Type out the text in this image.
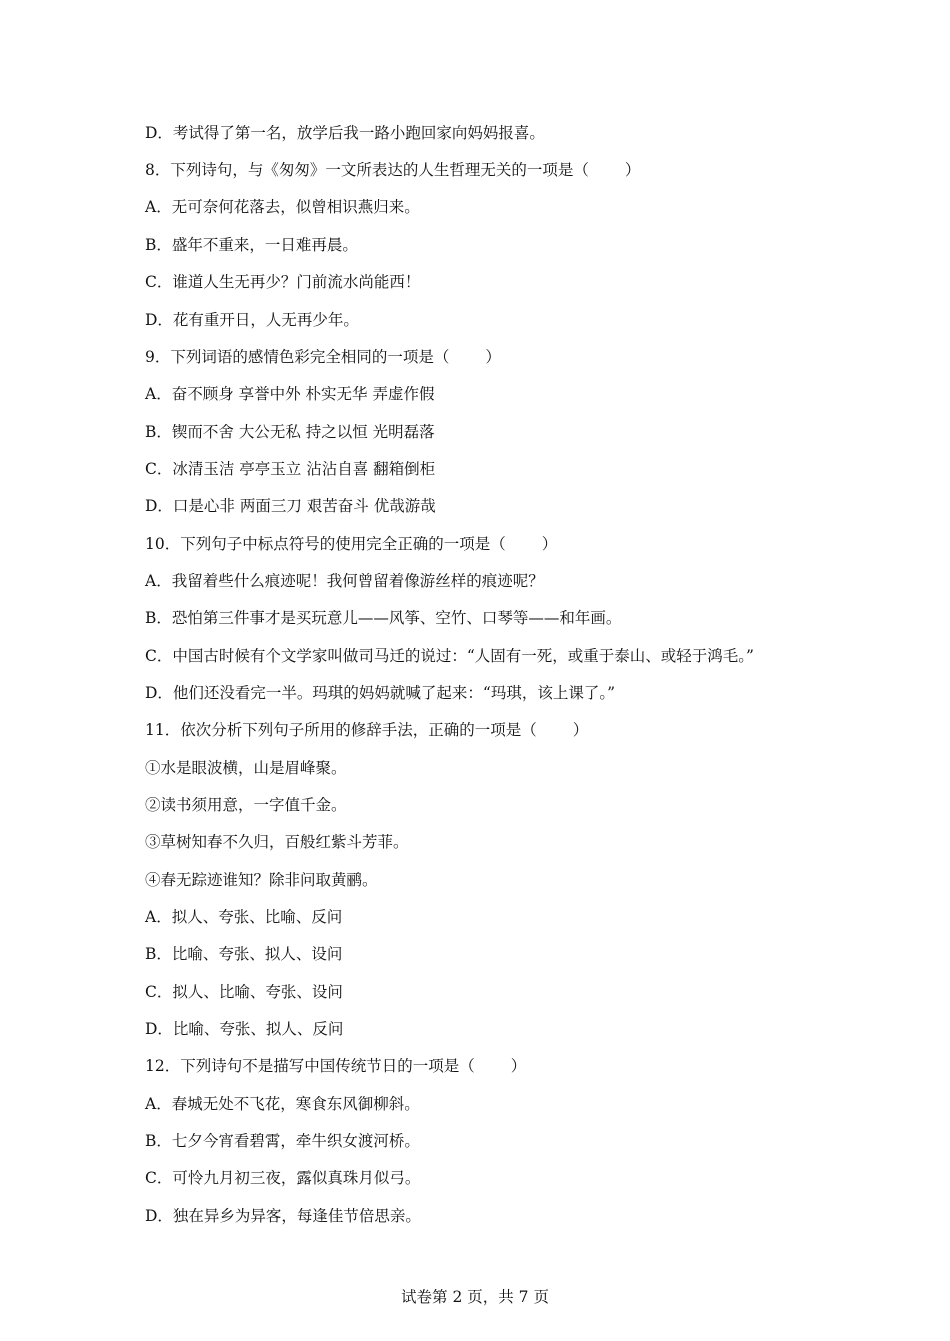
D．考试得了第一名，放学后我一路小跑回家向妈妈报喜。
8．下列诗句，与《匆匆》一文所表达的人生哲理无关的一项是（ ）
A．无可奈何花落去，似曾相识燕归来。
B．盛年不重来，一日难再晨。
C．谁道人生无再少？门前流水尚能西！
D．花有重开日，人无再少年。
9．下列词语的感情色彩完全相同的一项是（ ）
A．奋不顾身 享誉中外 朴实无华 弄虚作假
B．锲而不舍 大公无私 持之以恒 光明磊落
C．冰清玉洁 亭亭玉立 沾沾自喜 翻箱倒柜
D．口是心非 两面三刀 艰苦奋斗 优哉游哉
10．下列句子中标点符号的使用完全正确的一项是（ ）
A．我留着些什么痕迹呢！我何曾留着像游丝样的痕迹呢？
B．恐怕第三件事才是买玩意儿——风筝、空竹、口琴等——和年画。
C．中国古时候有个文学家叫做司马迁的说过：“人固有一死，或重于泰山、或轻于鸿毛。”
D．他们还没看完一半。玛琪的妈妈就喊了起来：“玛琪，该上课了。”
11．依次分析下列句子所用的修辞手法，正确的一项是（ ）
①水是眼波横，山是眉峰聚。
②读书须用意，一字值千金。
③草树知春不久归，百般红紫斗芳菲。
④春无踪迹谁知？除非问取黄鹂。
A．拟人、夸张、比喻、反问
B．比喻、夸张、拟人、设问
C．拟人、比喻、夸张、设问
D．比喻、夸张、拟人、反问
12．下列诗句不是描写中国传统节日的一项是（ ）
A．春城无处不飞花，寒食东风御柳斜。
B．七夕今宵看碧霄，牵牛织女渡河桥。
C．可怜九月初三夜，露似真珠月似弓。
D．独在异乡为异客，每逢佳节倍思亲。
试卷第 2 页，共 7 页
